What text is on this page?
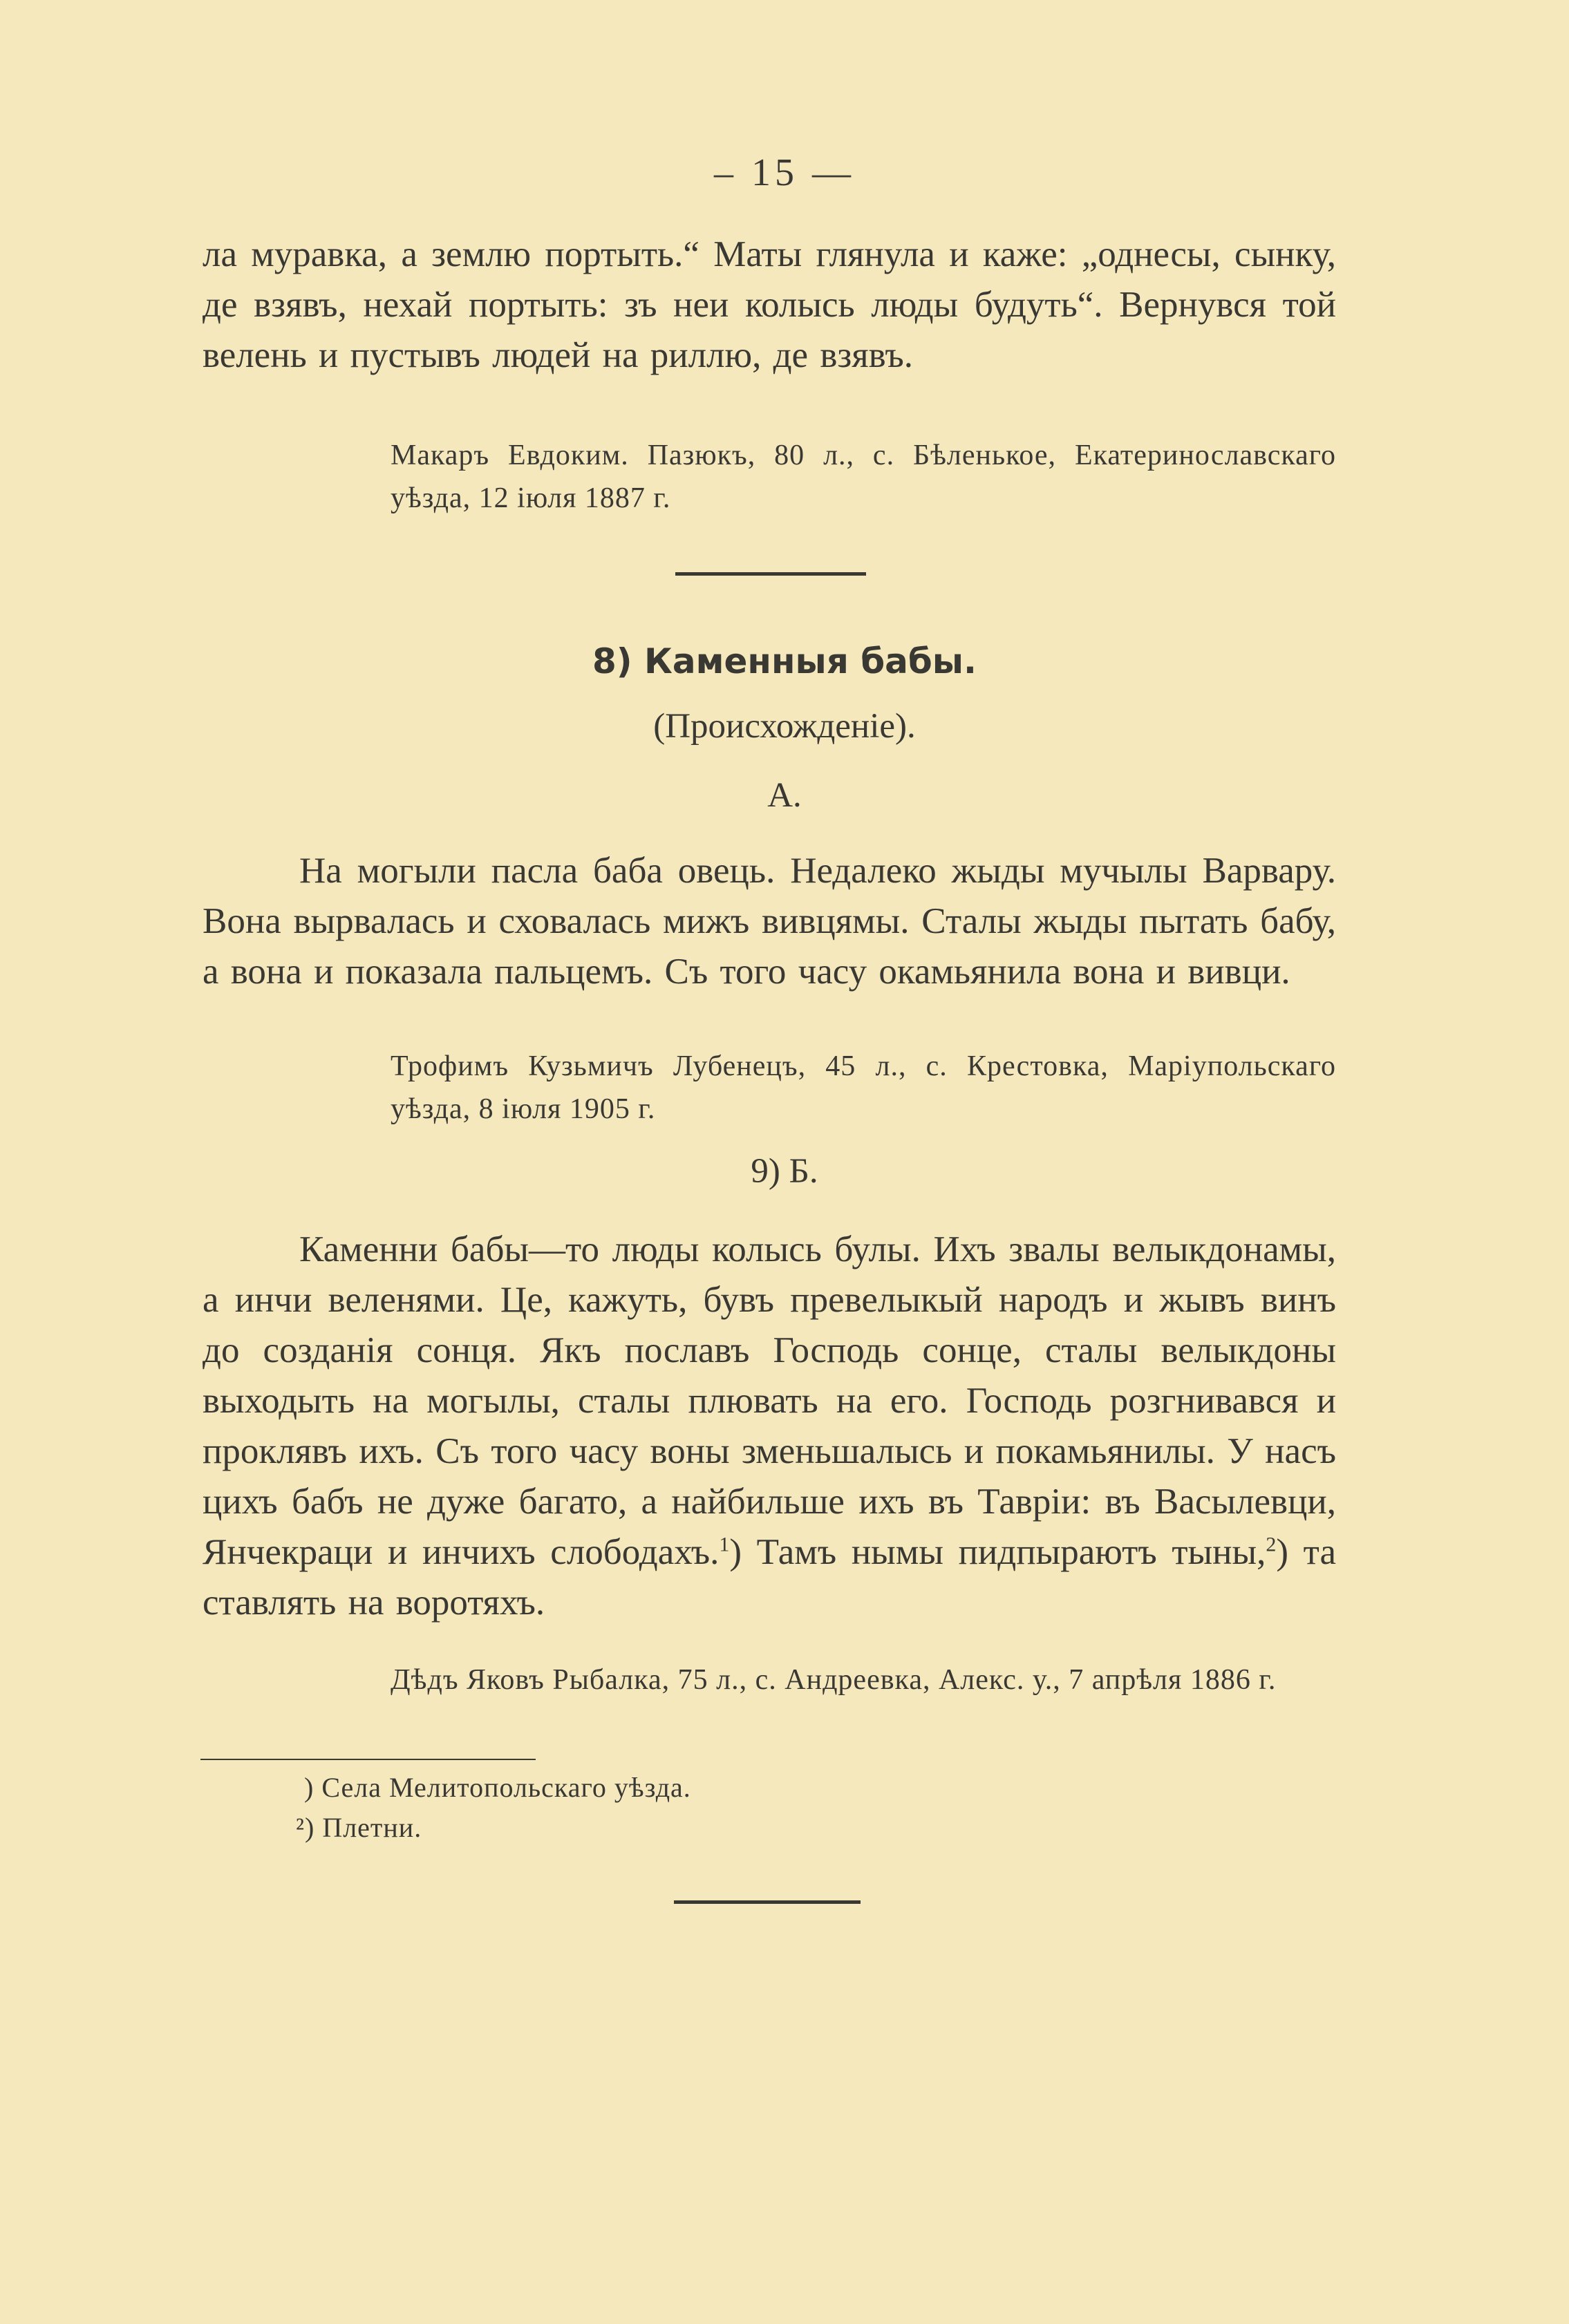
– 15 —
ла муравка, а землю портыть.“ Маты глянула и каже: „однесы, сынку, де взявъ, нехай портыть: зъ неи колысь люды будуть“. Вернувся той велень и пустывъ людей на риллю, де взявъ.
Макаръ Евдоким. Пазюкъ, 80 л., с. Бѣленькое, Екатеринославскаго уѣзда, 12 іюля 1887 г.
8) Каменныя бабы.
(Происхожденіе).
А.
На могыли пасла баба овець. Недалеко жыды мучылы Варвару. Вона вырвалась и сховалась мижъ вивцямы. Сталы жыды пытать бабу, а вона и показала пальцемъ. Съ того часу окамьянила вона и вивци.
Трофимъ Кузьмичъ Лубенецъ, 45 л., с. Крестовка, Маріупольскаго уѣзда, 8 іюля 1905 г.
9) Б.
Каменни бабы—то люды колысь булы. Ихъ звалы велыкдонамы, а инчи веленями. Це, кажуть, бувъ превелыкый народъ и жывъ винъ до созданія сонця. Якъ пославъ Господь сонце, сталы велыкдоны выходыть на могылы, сталы плювать на его. Господь розгнивався и проклявъ ихъ. Съ того часу воны зменьшалысь и покамьянилы. У насъ цихъ бабъ не дуже багато, а найбильше ихъ въ Тавріи: въ Васылевци, Янчекраци и инчихъ слободахъ.$^1$) Тамъ нымы пидпыраютъ тыны,$^2$) та ставлять на воротяхъ.
Дѣдъ Яковъ Рыбалка, 75 л., с. Андреевка, Алекс. у., 7 апрѣля 1886 г.
) Села Мелитопольскаго уѣзда.
²) Плетни.
